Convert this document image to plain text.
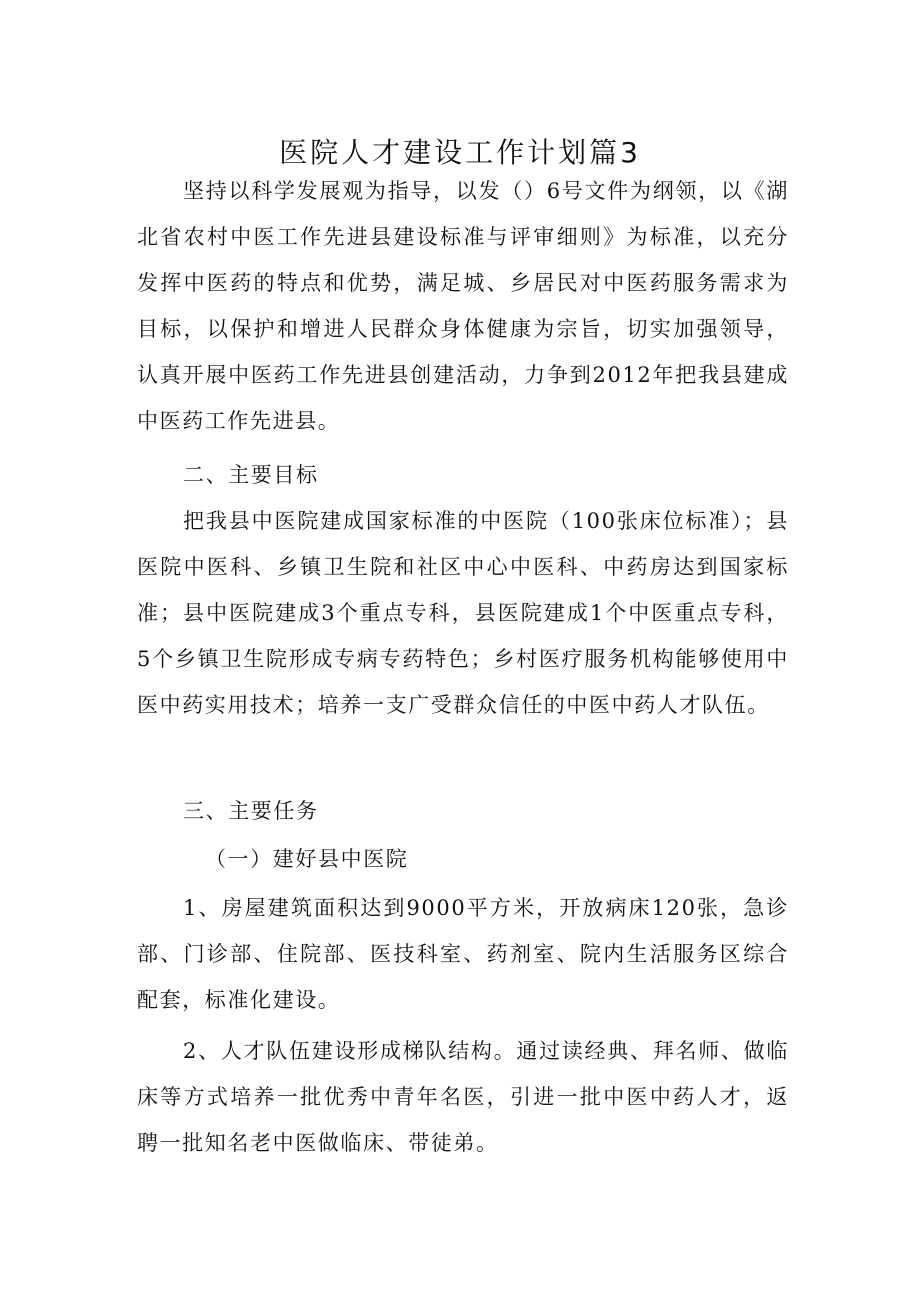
医院人才建设工作计划篇3

坚持以科学发展观为指导，以发（）6号文件为纲领，以《湖北省农村中医工作先进县建设标准与评审细则》为标准，以充分发挥中医药的特点和优势，满足城、乡居民对中医药服务需求为目标，以保护和增进人民群众身体健康为宗旨，切实加强领导，认真开展中医药工作先进县创建活动，力争到2012年把我县建成中医药工作先进县。

二、主要目标

把我县中医院建成国家标准的中医院（100张床位标准）；县医院中医科、乡镇卫生院和社区中心中医科、中药房达到国家标准；县中医院建成3个重点专科，县医院建成1个中医重点专科，5个乡镇卫生院形成专病专药特色；乡村医疗服务机构能够使用中医中药实用技术；培养一支广受群众信任的中医中药人才队伍。

三、主要任务

（一）建好县中医院

1、房屋建筑面积达到9000平方米，开放病床120张，急诊部、门诊部、住院部、医技科室、药剂室、院内生活服务区综合配套，标准化建设。

2、人才队伍建设形成梯队结构。通过读经典、拜名师、做临床等方式培养一批优秀中青年名医，引进一批中医中药人才，返聘一批知名老中医做临床、带徒弟。
